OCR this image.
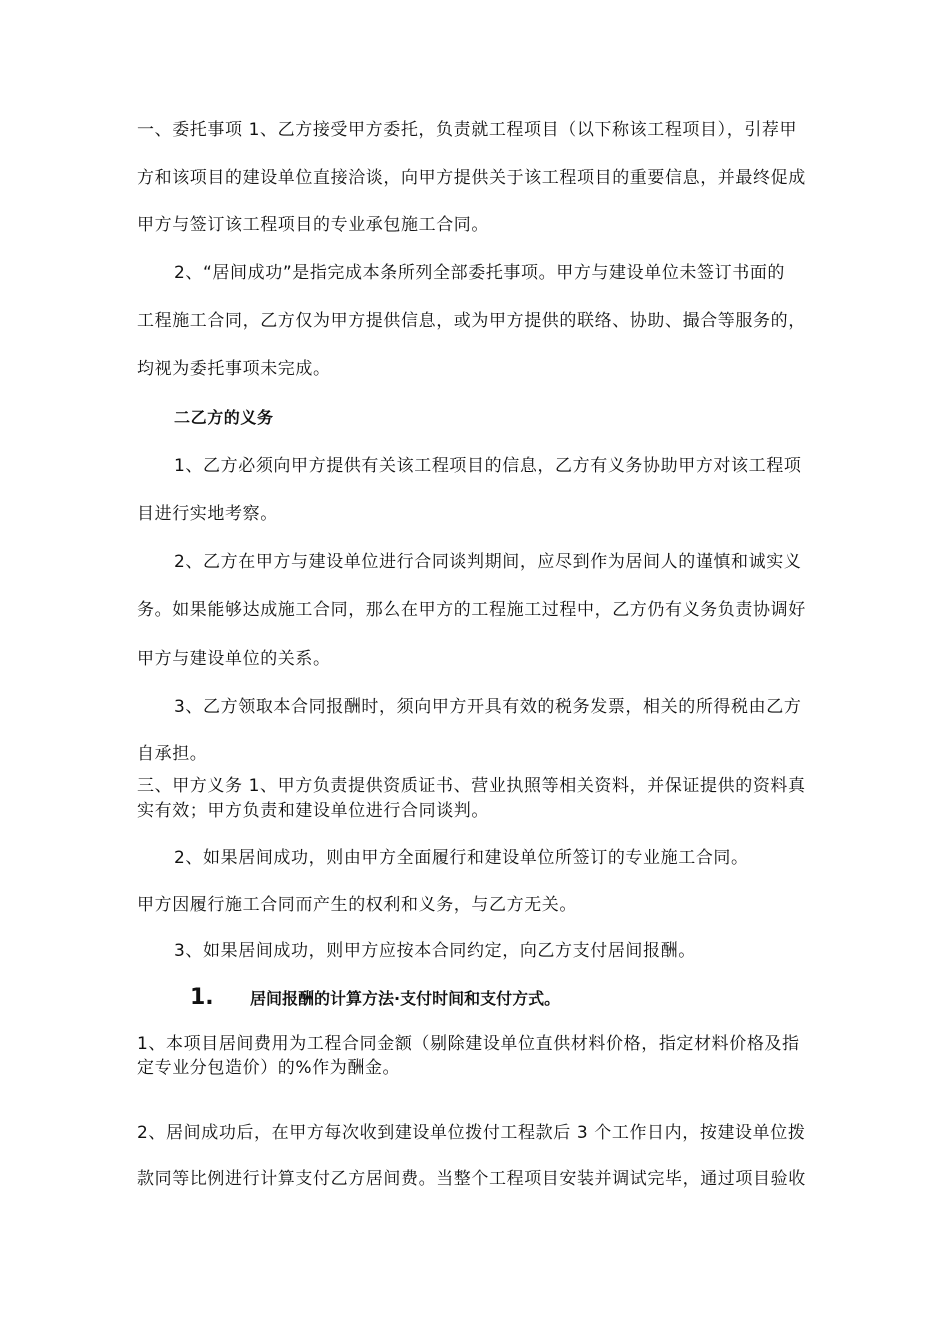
一、委托事项 1、乙方接受甲方委托，负责就工程项目（以下称该工程项目），引荐甲
方和该项目的建设单位直接洽谈，向甲方提供关于该工程项目的重要信息，并最终促成
甲方与签订该工程项目的专业承包施工合同。
2、“居间成功”是指完成本条所列全部委托事项。甲方与建设单位未签订书面的
工程施工合同，乙方仅为甲方提供信息，或为甲方提供的联络、协助、撮合等服务的，
均视为委托事项未完成。
二乙方的义务
1、乙方必须向甲方提供有关该工程项目的信息，乙方有义务协助甲方对该工程项
目进行实地考察。
2、乙方在甲方与建设单位进行合同谈判期间，应尽到作为居间人的谨慎和诚实义
务。如果能够达成施工合同，那么在甲方的工程施工过程中，乙方仍有义务负责协调好
甲方与建设单位的关系。
3、乙方领取本合同报酬时，须向甲方开具有效的税务发票，相关的所得税由乙方
自承担。
三、甲方义务 1、甲方负责提供资质证书、营业执照等相关资料，并保证提供的资料真
实有效；甲方负责和建设单位进行合同谈判。
2、如果居间成功，则由甲方全面履行和建设单位所签订的专业施工合同。
甲方因履行施工合同而产生的权利和义务，与乙方无关。
3、如果居间成功，则甲方应按本合同约定，向乙方支付居间报酬。
1. 居间报酬的计算方法·支付时间和支付方式。
1、本项目居间费用为工程合同金额（剔除建设单位直供材料价格，指定材料价格及指
定专业分包造价）的%作为酬金。
2、居间成功后，在甲方每次收到建设单位拨付工程款后 3 个工作日内，按建设单位拨
款同等比例进行计算支付乙方居间费。当整个工程项目安装并调试完毕，通过项目验收
